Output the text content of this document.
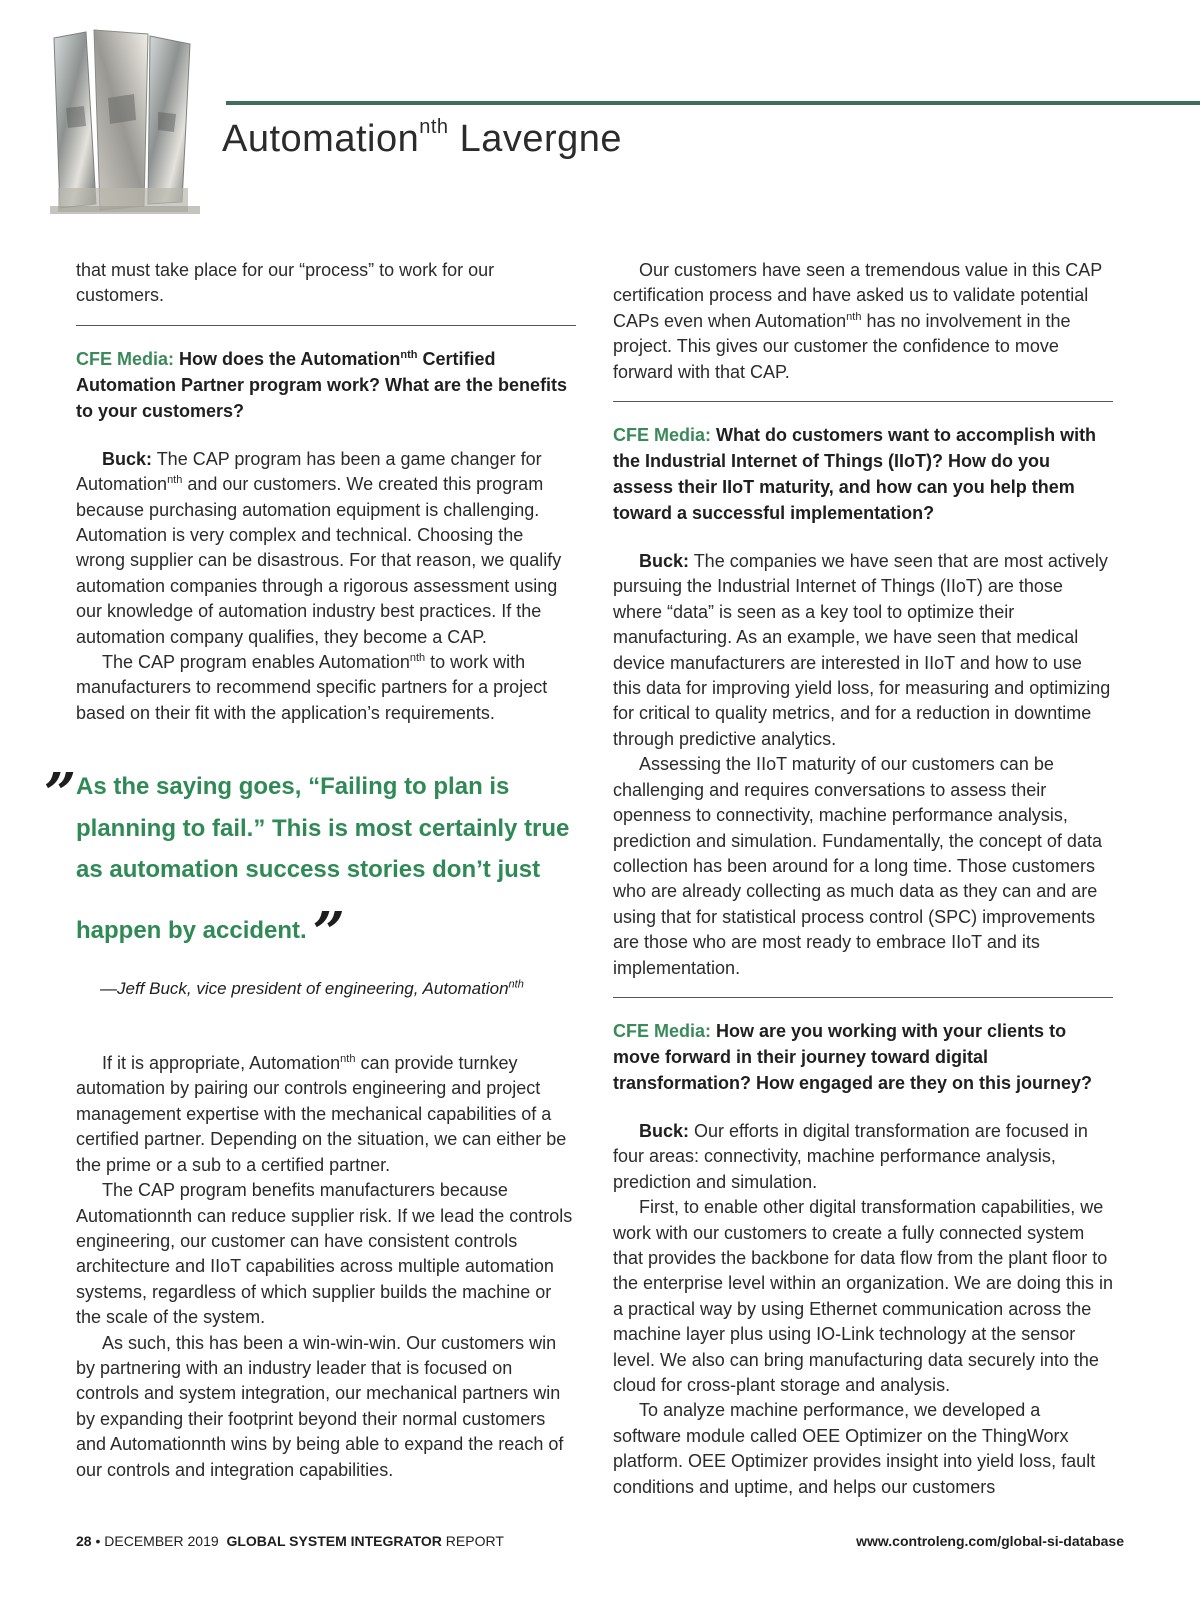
Automation$^{nth}$ Lavergne

that must take place for our “process” to work for our customers.

CFE Media: How does the Automation$^{nth}$ Certified Automation Partner program work? What are the benefits to your customers?

Buck: The CAP program has been a game changer for Automation$^{nth}$ and our customers. We created this program because purchasing automation equipment is challenging. Automation is very complex and technical. Choosing the wrong supplier can be disastrous. For that reason, we qualify automation companies through a rigorous assessment using our knowledge of automation industry best practices. If the automation company qualifies, they become a CAP.

The CAP program enables Automation$^{nth}$ to work with manufacturers to recommend specific partners for a project based on their fit with the application’s requirements.

” As the saying goes, “Failing to plan is planning to fail.” This is most certainly true as automation success stories don’t just happen by accident. ”

—Jeff Buck, vice president of engineering, Automation$^{nth}$

If it is appropriate, Automation$^{nth}$ can provide turnkey automation by pairing our controls engineering and project management expertise with the mechanical capabilities of a certified partner. Depending on the situation, we can either be the prime or a sub to a certified partner.

The CAP program benefits manufacturers because Automationnth can reduce supplier risk. If we lead the controls engineering, our customer can have consistent controls architecture and IIoT capabilities across multiple automation systems, regardless of which supplier builds the machine or the scale of the system.

As such, this has been a win-win-win. Our customers win by partnering with an industry leader that is focused on controls and system integration, our mechanical partners win by expanding their footprint beyond their normal customers and Automationnth wins by being able to expand the reach of our controls and integration capabilities.

Our customers have seen a tremendous value in this CAP certification process and have asked us to validate potential CAPs even when Automation$^{nth}$ has no involvement in the project. This gives our customer the confidence to move forward with that CAP.

CFE Media: What do customers want to accomplish with the Industrial Internet of Things (IIoT)? How do you assess their IIoT maturity, and how can you help them toward a successful implementation?

Buck: The companies we have seen that are most actively pursuing the Industrial Internet of Things (IIoT) are those where “data” is seen as a key tool to optimize their manufacturing. As an example, we have seen that medical device manufacturers are interested in IIoT and how to use this data for improving yield loss, for measuring and optimizing for critical to quality metrics, and for a reduction in downtime through predictive analytics.

Assessing the IIoT maturity of our customers can be challenging and requires conversations to assess their openness to connectivity, machine performance analysis, prediction and simulation. Fundamentally, the concept of data collection has been around for a long time. Those customers who are already collecting as much data as they can and are using that for statistical process control (SPC) improvements are those who are most ready to embrace IIoT and its implementation.

CFE Media: How are you working with your clients to move forward in their journey toward digital transformation? How engaged are they on this journey?

Buck: Our efforts in digital transformation are focused in four areas: connectivity, machine performance analysis, prediction and simulation.

First, to enable other digital transformation capabilities, we work with our customers to create a fully connected system that provides the backbone for data flow from the plant floor to the enterprise level within an organization. We are doing this in a practical way by using Ethernet communication across the machine layer plus using IO-Link technology at the sensor level. We also can bring manufacturing data securely into the cloud for cross-plant storage and analysis.

To analyze machine performance, we developed a software module called OEE Optimizer on the ThingWorx platform. OEE Optimizer provides insight into yield loss, fault conditions and uptime, and helps our customers

28 • DECEMBER 2019 GLOBAL SYSTEM INTEGRATOR REPORT	www.controleng.com/global-si-database
